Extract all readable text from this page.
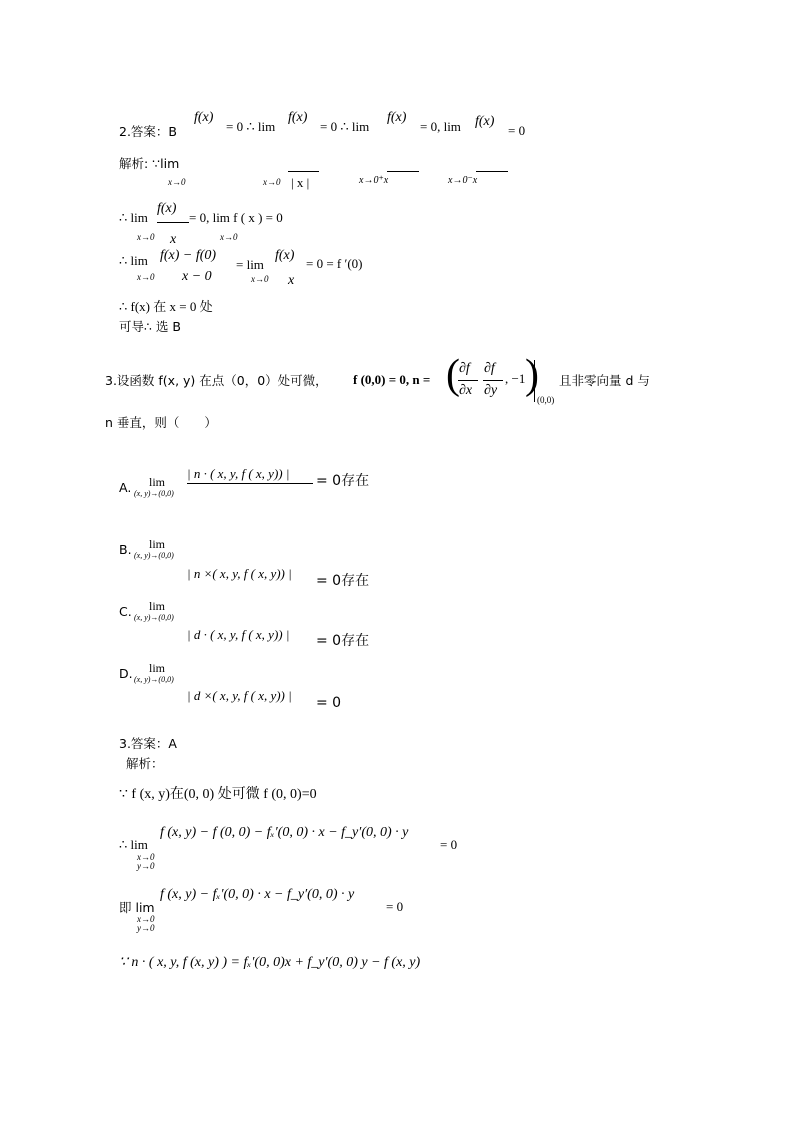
2.答案：B
f(x)
= 0 ∴ lim
f(x)
= 0 ∴ lim
f(x)
= 0, lim f(x)
= 0
解析: ∵lim
x→0	x→0 | x |	x→0⁺x	x→0⁻x
∴ lim
x→0
f(x)
x
= 0, lim f ( x ) = 0
x→0
∴ lim
x→0
f(x) − f(0)
x − 0
= lim
x→0
f(x)
x
= 0 = f ′(0)
∴ f(x) 在 x = 0 处
可导∴ 选 B
3.设函数 f(x, y) 在点（0，0）处可微， f (0,0) = 0, n = ( ∂f
∂x
∂f
∂y
, −1 )
(0,0)
且非零向量 d 与
n 垂直，则（　　）
A. lim
(x, y)→(0,0)
| n · ( x, y, f ( x, y)) | = 0存在
B. lim
(x, y)→(0,0)
| n ×( x, y, f ( x, y)) | = 0存在
C. lim
(x, y)→(0,0)
| d · ( x, y, f ( x, y)) | = 0存在
D. lim
(x, y)→(0,0)
| d ×( x, y, f ( x, y)) | = 0
3.答案：A
解析：
∵ f (x, y)在(0, 0) 处可微 f (0, 0)=0
∴ lim
x→0
y→0
f (x, y) − f (0, 0) − fₓ′(0, 0) · x − f_y′(0, 0) · y
= 0
即 lim
x→0
y→0
f (x, y) − fₓ′(0, 0) · x − f_y′(0, 0) · y
= 0
∵ n · ( x, y, f (x, y) ) = fₓ′(0, 0)x + f_y′(0, 0) y − f (x, y)
